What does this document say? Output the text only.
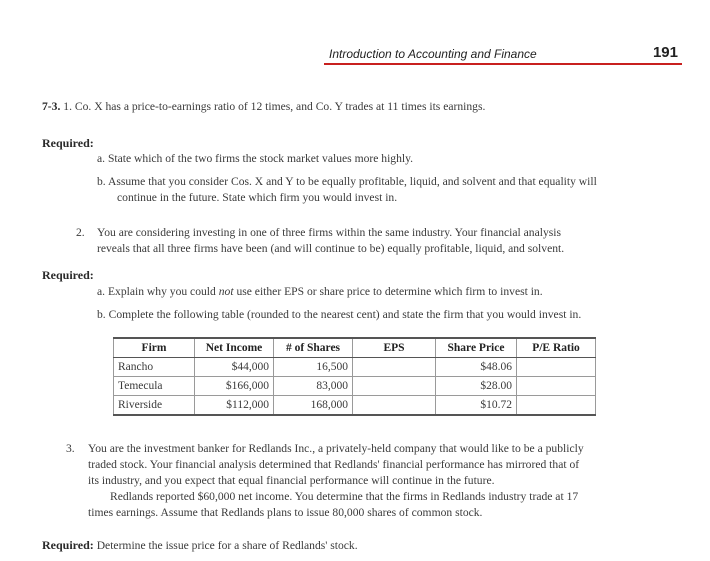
Introduction to Accounting and Finance	191
7-3. 1. Co. X has a price-to-earnings ratio of 12 times, and Co. Y trades at 11 times its earnings.
Required:
a. State which of the two firms the stock market values more highly.
b. Assume that you consider Cos. X and Y to be equally profitable, liquid, and solvent and that equality will
continue in the future. State which firm you would invest in.
2. You are considering investing in one of three firms within the same industry. Your financial analysis
reveals that all three firms have been (and will continue to be) equally profitable, liquid, and solvent.
Required:
a. Explain why you could not use either EPS or share price to determine which firm to invest in.
b. Complete the following table (rounded to the nearest cent) and state the firm that you would invest in.
Firm	Net Income	# of Shares	EPS	Share Price	P/E Ratio
Rancho	$44,000	16,500		$48.06	
Temecula	$166,000	83,000		$28.00	
Riverside	$112,000	168,000		$10.72	
3. You are the investment banker for Redlands Inc., a privately-held company that would like to be a publicly
traded stock. Your financial analysis determined that Redlands' financial performance has mirrored that of
its industry, and you expect that equal financial performance will continue in the future.
Redlands reported $60,000 net income. You determine that the firms in Redlands industry trade at 17
times earnings. Assume that Redlands plans to issue 80,000 shares of common stock.
Required: Determine the issue price for a share of Redlands' stock.
